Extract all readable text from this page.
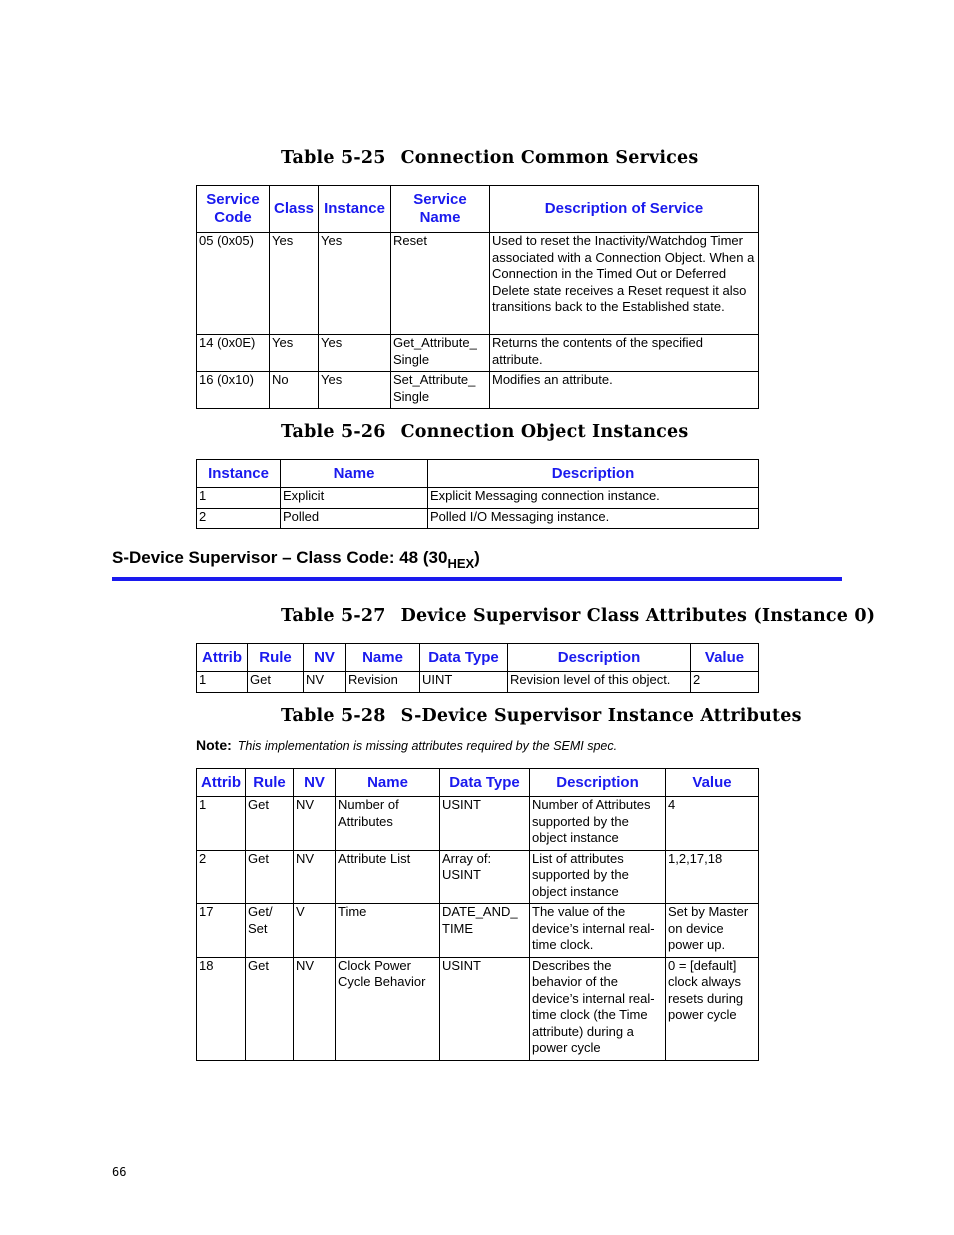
Table 5-25 Connection Common Services
Service Code	Class	Instance	Service Name	Description of Service
05 (0x05)	Yes	Yes	Reset	Used to reset the Inactivity/Watchdog Timer associated with a Connection Object. When a Connection in the Timed Out or Deferred Delete state receives a Reset request it also transitions back to the Established state.
14 (0x0E)	Yes	Yes	Get_Attribute_ Single	Returns the contents of the specified attribute.
16 (0x10)	No	Yes	Set_Attribute_ Single	Modifies an attribute.
Table 5-26 Connection Object Instances
Instance	Name	Description
1	Explicit	Explicit Messaging connection instance.
2	Polled	Polled I/O Messaging instance.
S-Device Supervisor – Class Code: 48 $(30_{HEX})$
Table 5-27 Device Supervisor Class Attributes (Instance 0)
Attrib	Rule	NV	Name	Data Type	Description	Value
1	Get	NV	Revision	UINT	Revision level of this object.	2
Table 5-28 S-Device Supervisor Instance Attributes
Note: This implementation is missing attributes required by the SEMI spec.
Attrib	Rule	NV	Name	Data Type	Description	Value
1	Get	NV	Number of Attributes	USINT	Number of Attributes supported by the object instance	4
2	Get	NV	Attribute List	Array of: USINT	List of attributes supported by the object instance	1,2,17,18
17	Get/ Set	V	Time	DATE_AND_ TIME	The value of the device’s internal real-time clock.	Set by Master on device power up.
18	Get	NV	Clock Power Cycle Behavior	USINT	Describes the behavior of the device’s internal real-time clock (the Time attribute) during a power cycle	0 = [default] clock always resets during power cycle
66
